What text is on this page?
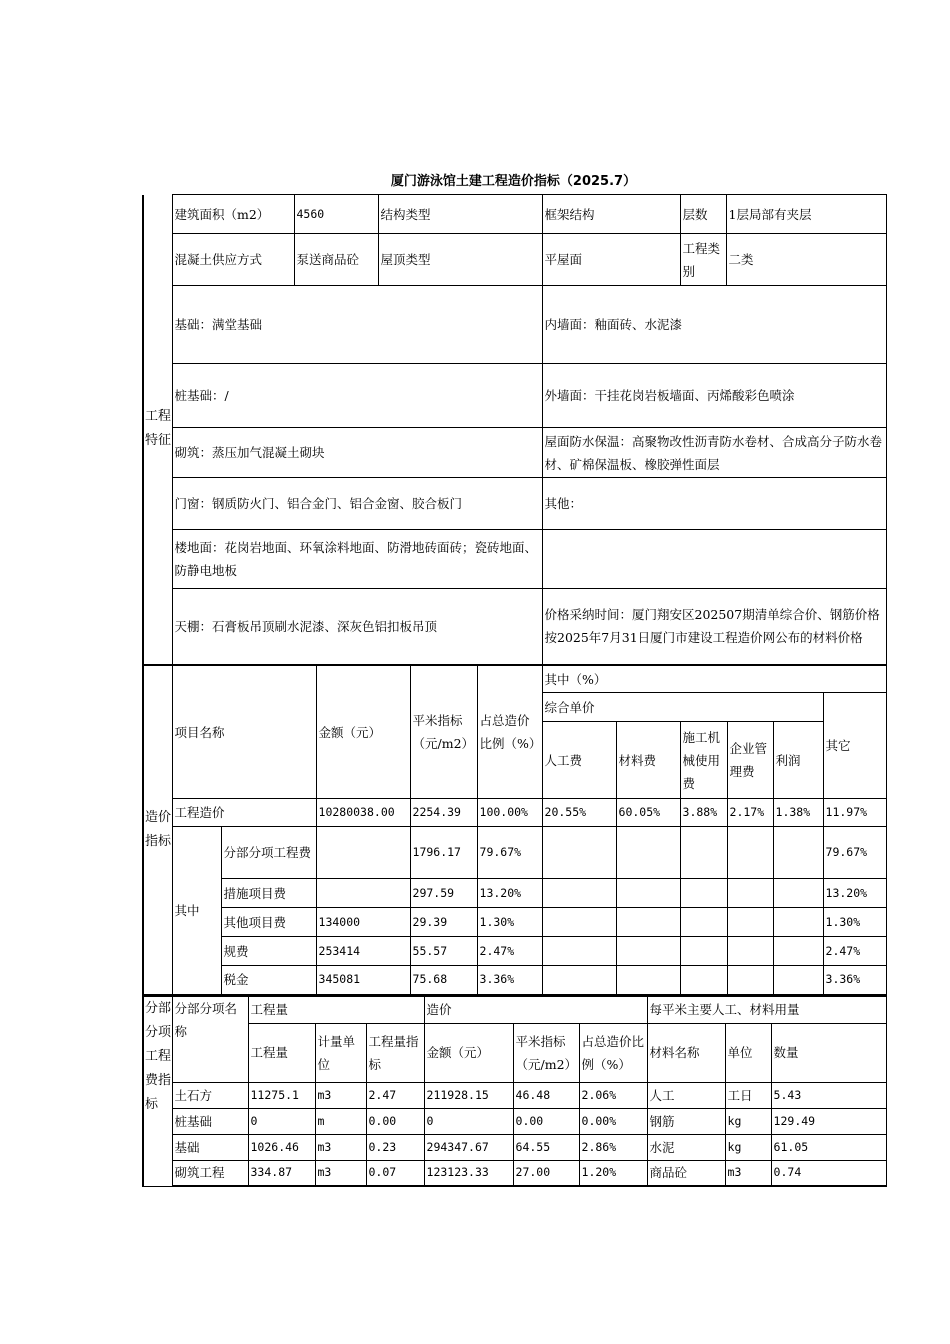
厦门游泳馆土建工程造价指标（2025.7）
工程特征	建筑面积（m2）	4560	结构类型	框架结构	层数	1层局部有夹层
	混凝土供应方式	泵送商品砼	屋顶类型	平屋面	工程类别	二类
	基础：满堂基础			内墙面：釉面砖、水泥漆		
	桩基础：/			外墙面：干挂花岗岩板墙面、丙烯酸彩色喷涂		
	砌筑：蒸压加气混凝土砌块			屋面防水保温：高聚物改性沥青防水卷材、合成高分子防水卷材、矿棉保温板、橡胶弹性面层		
	门窗：钢质防火门、铝合金门、铝合金窗、胶合板门			其他：		
	楼地面：花岗岩地面、环氧涂料地面、防滑地砖面砖；瓷砖地面、防静电地板					
	天棚：石膏板吊顶刷水泥漆、深灰色铝扣板吊顶			价格采纳时间：厦门翔安区202507期清单综合价、钢筋价格按2025年7月31日厦门市建设工程造价网公布的材料价格		
造价指标	项目名称		金额（元）	平米指标（元/m2）	占总造价比例（%）	其中（%）					
						综合单价					其它
						人工费	材料费	施工机械使用费	企业管理费	利润	

	工程造价		10280038.00	2254.39	100.00%	20.55%	60.05%	3.88%	2.17%	1.38%	11.97%
	其中	分部分项工程费		1796.17	79.67%						79.67%
		措施项目费		297.59	13.20%						13.20%
		其他项目费	134000	29.39	1.30%						1.30%
		规费	253414	55.57	2.47%						2.47%
		税金	345081	75.68	3.36%						3.36%
分部分项工程费指标	分部分项名称	工程量			造价			每平米主要人工、材料用量		
		工程量	计量单位	工程量指标	金额（元）	平米指标（元/m2）	占总造价比例（%）	材料名称	单位	数量
	土石方	11275.1	m3	2.47	211928.15	46.48	2.06%	人工	工日	5.43
	桩基础	0	m	0.00	0	0.00	0.00%	钢筋	kg	129.49
	基础	1026.46	m3	0.23	294347.67	64.55	2.86%	水泥	kg	61.05
	砌筑工程	334.87	m3	0.07	123123.33	27.00	1.20%	商品砼	m3	0.74
